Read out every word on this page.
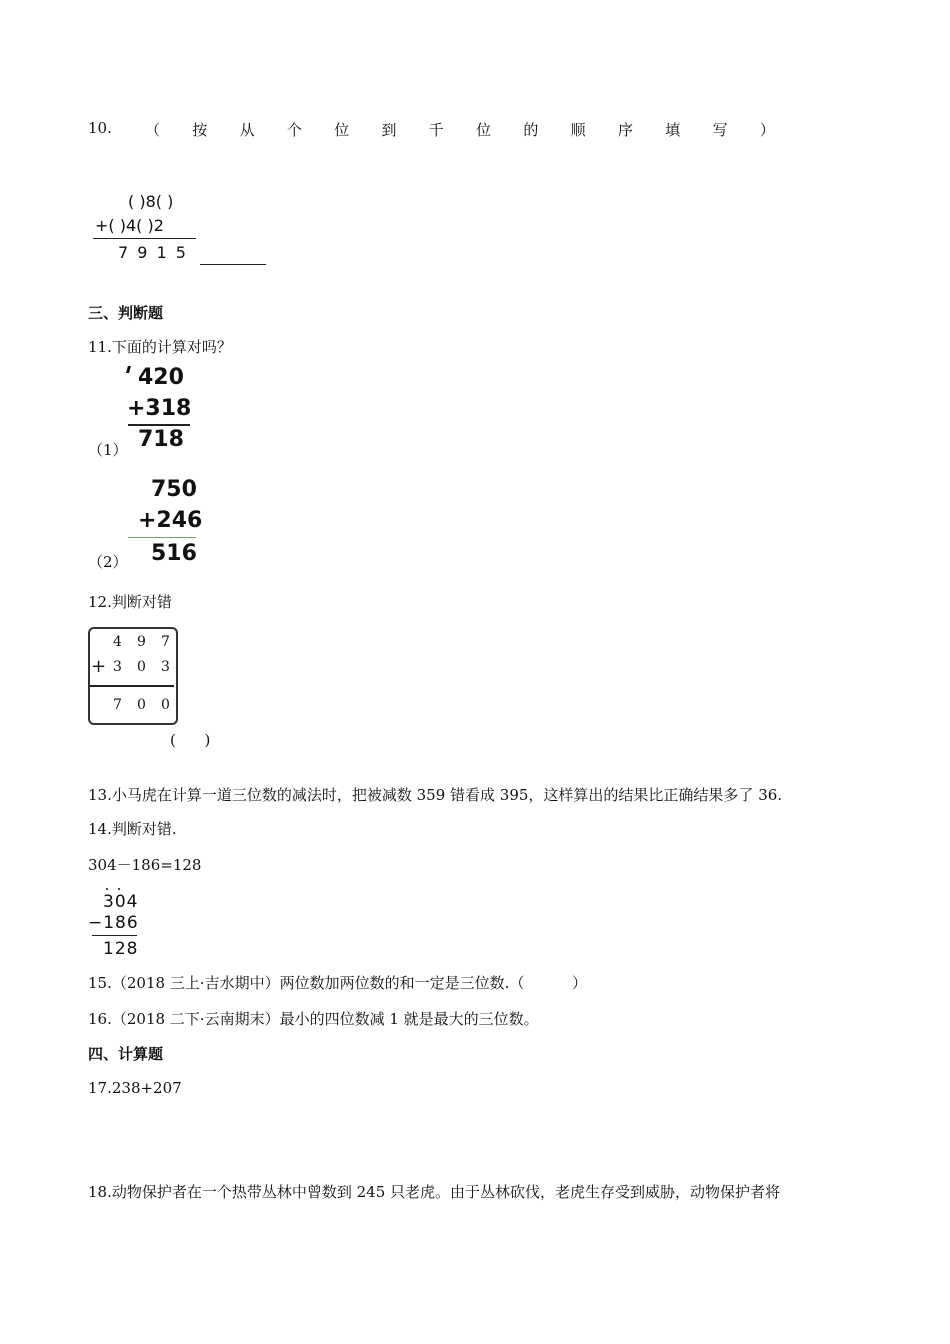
10. （ 按 从 个 位 到 千 位 的 顺 序 填 写 ）
( )8( )
+( )4( )2
7 9 1 5
三、判断题
11.下面的计算对吗？
420
+318
718
（1）
750
+246
516
（2）
12.判断对错
4 9 7
+ 3 0 3
7 0 0
(      )
13.小马虎在计算一道三位数的减法时，把被减数 359 错看成 395，这样算出的结果比正确结果多了 36.
14.判断对错.
304－186=128
304
−186
128
15.（2018 三上·吉水期中）两位数加两位数的和一定是三位数.（          ）
16.（2018 二下·云南期末）最小的四位数减 1 就是最大的三位数。
四、计算题
17.238+207
18.动物保护者在一个热带丛林中曾数到 245 只老虎。由于丛林砍伐，老虎生存受到威胁，动物保护者将
